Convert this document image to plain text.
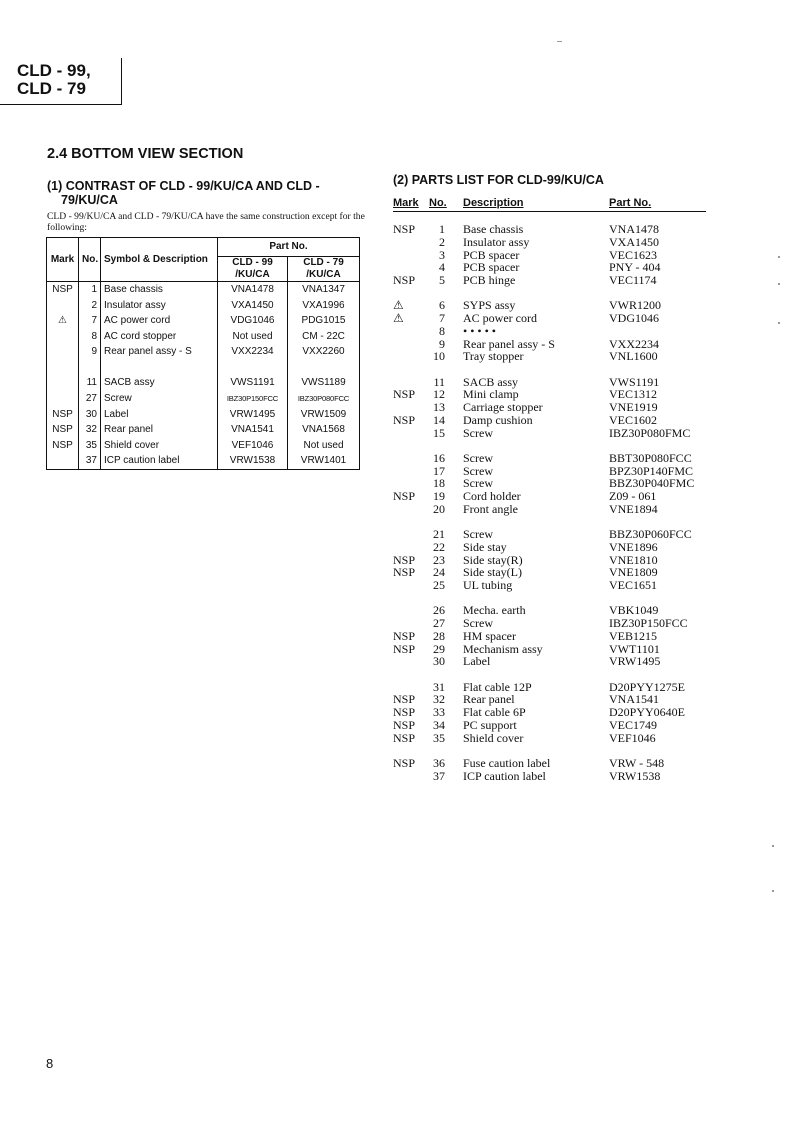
CLD - 99,
CLD - 79
2.4 BOTTOM VIEW SECTION
(1) CONTRAST OF CLD - 99/KU/CA AND CLD -
79/KU/CA
CLD - 99/KU/CA and CLD - 79/KU/CA have the same construction except for the following:
Mark	No.	Symbol & Description	Part No.	
			CLD - 99 /KU/CA	CLD - 79 /KU/CA
NSP	1	Base chassis	VNA1478	VNA1347
	2	Insulator assy	VXA1450	VXA1996
⚠	7	AC power cord	VDG1046	PDG1015
	8	AC cord stopper	Not used	CM - 22C
	9	Rear panel assy - S	VXX2234	VXX2260
	11	SACB assy	VWS1191	VWS1189
	27	Screw	IBZ30P150FCC	IBZ30P080FCC
NSP	30	Label	VRW1495	VRW1509
NSP	32	Rear panel	VNA1541	VNA1568
NSP	35	Shield cover	VEF1046	Not used
	37	ICP caution label	VRW1538	VRW1401
(2) PARTS LIST FOR CLD-99/KU/CA
Mark No. Description	Part No.
NSP	1 Base chassis	VNA1478
2 Insulator assy	VXA1450
3 PCB spacer	VEC1623
4 PCB spacer	PNY - 404
NSP	5 PCB hinge	VEC1174
⚠	6 SYPS assy	VWR1200
⚠	7 AC power cord	VDG1046
8 • • • • •
9 Rear panel assy - S	VXX2234
10 Tray stopper	VNL1600
11 SACB assy	VWS1191
NSP	12 Mini clamp	VEC1312
13 Carriage stopper	VNE1919
NSP	14 Damp cushion	VEC1602
15 Screw	IBZ30P080FMC
16 Screw	BBT30P080FCC
17 Screw	BPZ30P140FMC
18 Screw	BBZ30P040FMC
NSP	19 Cord holder	Z09 - 061
20 Front angle	VNE1894
21 Screw	BBZ30P060FCC
22 Side stay	VNE1896
NSP	23 Side stay(R)	VNE1810
NSP	24 Side stay(L)	VNE1809
25 UL tubing	VEC1651
26 Mecha. earth	VBK1049
27 Screw	IBZ30P150FCC
NSP	28 HM spacer	VEB1215
NSP	29 Mechanism assy	VWT1101
30 Label	VRW1495
31 Flat cable 12P	D20PYY1275E
NSP	32 Rear panel	VNA1541
NSP	33 Flat cable 6P	D20PYY0640E
NSP	34 PC support	VEC1749
NSP	35 Shield cover	VEF1046
NSP	36 Fuse caution label	VRW - 548
37 ICP caution label	VRW1538
8
